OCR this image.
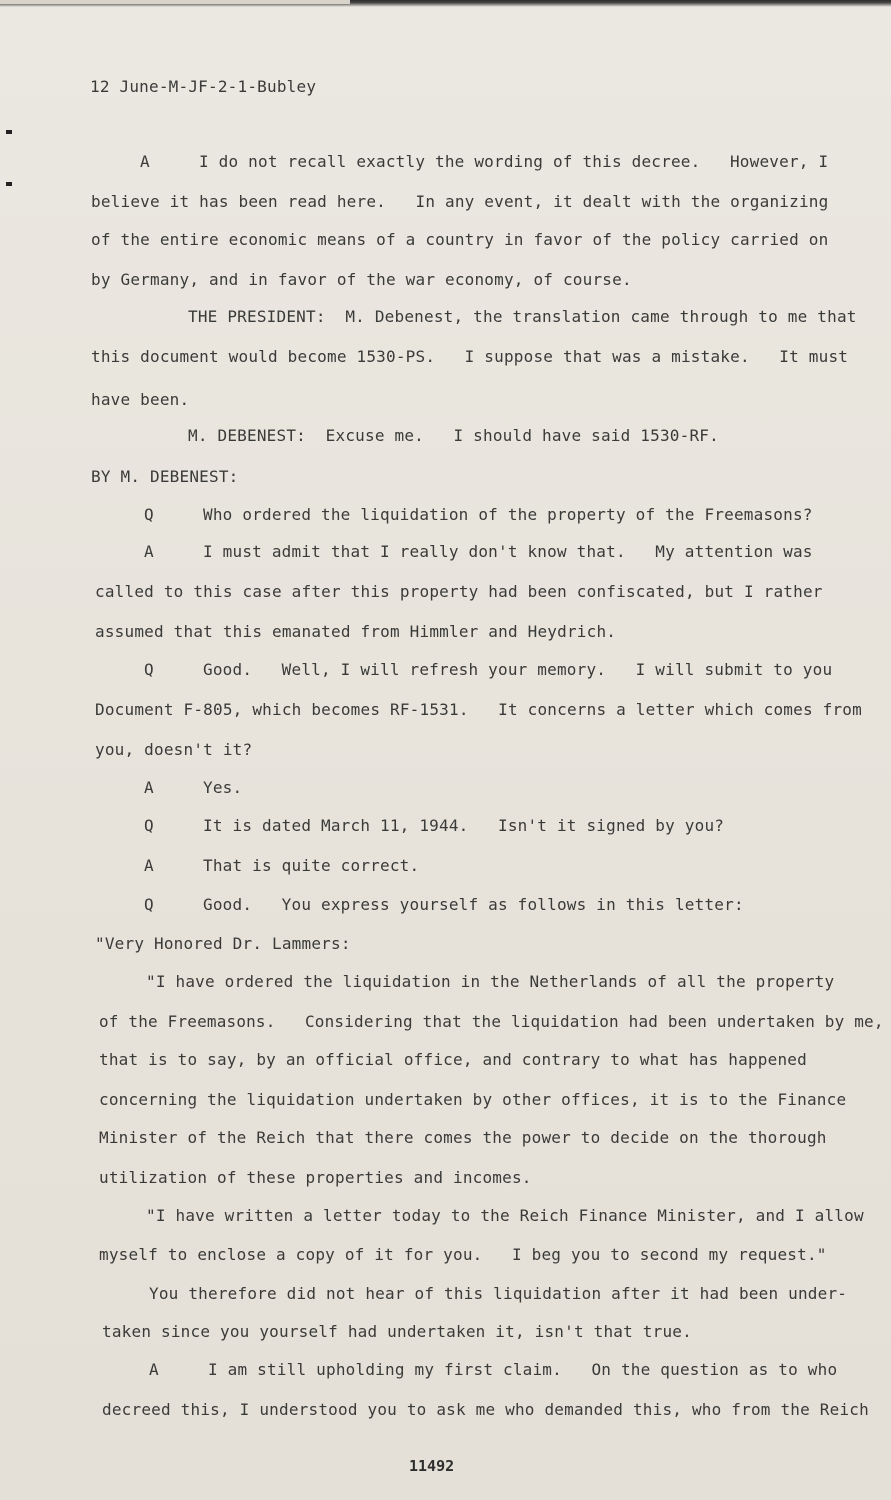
12 June-M-JF-2-1-Bubley
A     I do not recall exactly the wording of this decree.   However, I
believe it has been read here.   In any event, it dealt with the organizing
of the entire economic means of a country in favor of the policy carried on
by Germany, and in favor of the war economy, of course.
THE PRESIDENT:  M. Debenest, the translation came through to me that
this document would become 1530-PS.   I suppose that was a mistake.   It must
have been.
M. DEBENEST:  Excuse me.   I should have said 1530-RF.
BY M. DEBENEST:
Q     Who ordered the liquidation of the property of the Freemasons?
A     I must admit that I really don't know that.   My attention was
called to this case after this property had been confiscated, but I rather
assumed that this emanated from Himmler and Heydrich.
Q     Good.   Well, I will refresh your memory.   I will submit to you
Document F-805, which becomes RF-1531.   It concerns a letter which comes from
you, doesn't it?
A     Yes.
Q     It is dated March 11, 1944.   Isn't it signed by you?
A     That is quite correct.
Q     Good.   You express yourself as follows in this letter:
"Very Honored Dr. Lammers:
"I have ordered the liquidation in the Netherlands of all the property
of the Freemasons.   Considering that the liquidation had been undertaken by me,
that is to say, by an official office, and contrary to what has happened
concerning the liquidation undertaken by other offices, it is to the Finance
Minister of the Reich that there comes the power to decide on the thorough
utilization of these properties and incomes.
"I have written a letter today to the Reich Finance Minister, and I allow
myself to enclose a copy of it for you.   I beg you to second my request."
You therefore did not hear of this liquidation after it had been under-
taken since you yourself had undertaken it, isn't that true.
A     I am still upholding my first claim.   On the question as to who
decreed this, I understood you to ask me who demanded this, who from the Reich
11492
